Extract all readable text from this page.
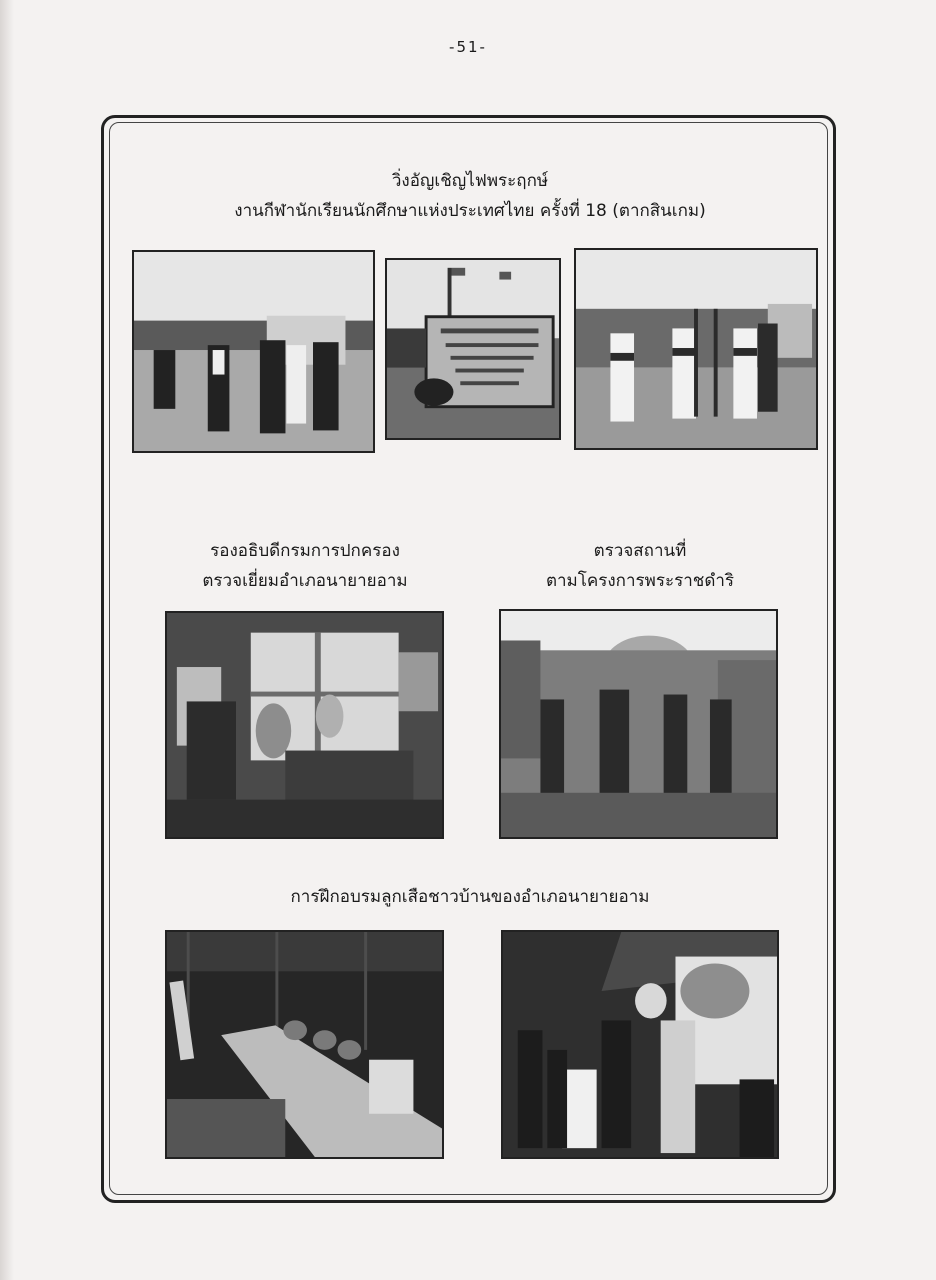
-51-
วิ่งอัญเชิญไฟพระฤกษ์
งานกีฬานักเรียนนักศึกษาแห่งประเทศไทย ครั้งที่ 18 (ตากสินเกม)
รองอธิบดีกรมการปกครอง
ตรวจเยี่ยมอำเภอนายายอาม
ตรวจสถานที่
ตามโครงการพระราชดำริ
การฝึกอบรมลูกเสือชาวบ้านของอำเภอนายายอาม
